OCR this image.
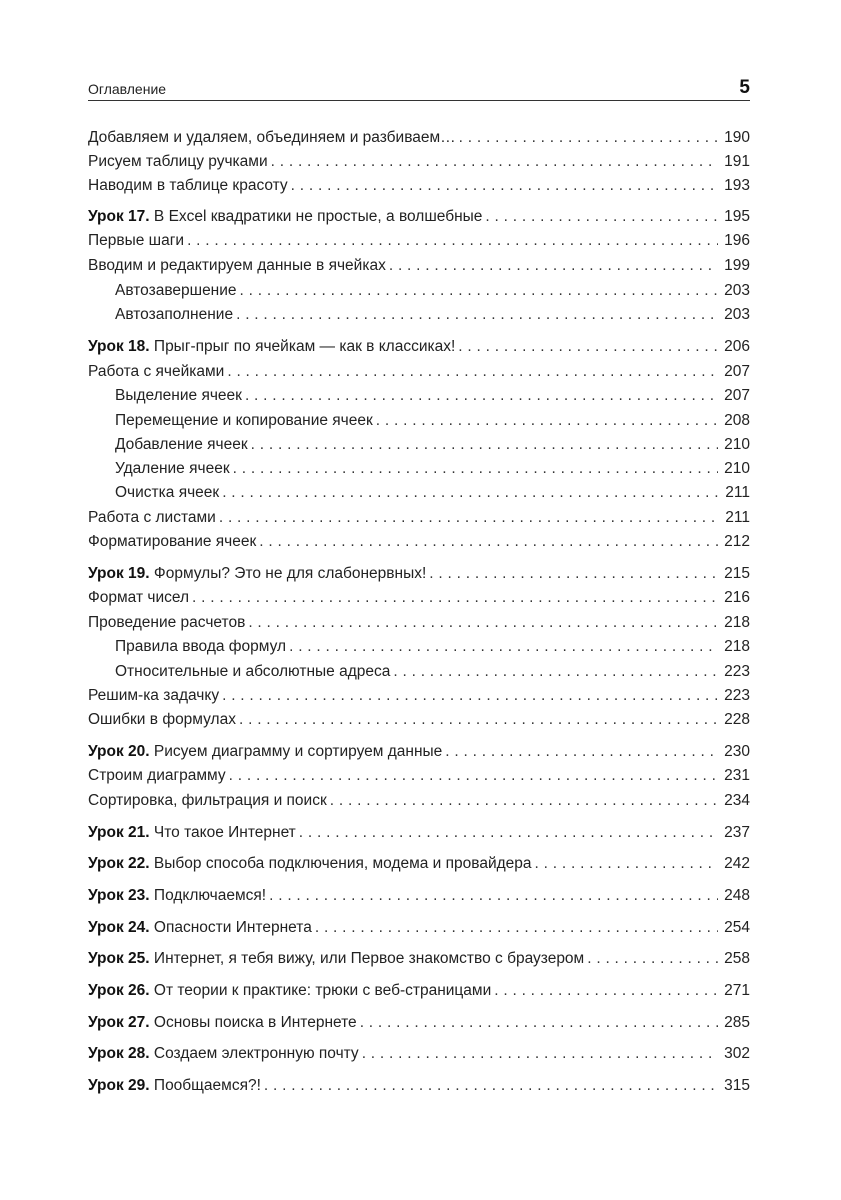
Оглавление	5
Добавляем и удаляем, объединяем и разбиваем… . . .	190
Рисуем таблицу ручками . . .	191
Наводим в таблице красоту . . .	193
Урок 17. В Excel квадратики не простые, а волшебные . . .	195
Первые шаги . . .	196
Вводим и редактируем данные в ячейках . . .	199
Автозавершение . . .	203
Автозаполнение . . .	203
Урок 18. Прыг-прыг по ячейкам — как в классиках! . . .	206
Работа с ячейками . . .	207
Выделение ячеек . . .	207
Перемещение и копирование ячеек . . .	208
Добавление ячеек . . .	210
Удаление ячеек . . .	210
Очистка ячеек . . .	211
Работа с листами . . .	211
Форматирование ячеек . . .	212
Урок 19. Формулы? Это не для слабонервных! . . .	215
Формат чисел . . .	216
Проведение расчетов . . .	218
Правила ввода формул . . .	218
Относительные и абсолютные адреса . . .	223
Решим-ка задачку . . .	223
Ошибки в формулах . . .	228
Урок 20. Рисуем диаграмму и сортируем данные . . .	230
Строим диаграмму . . .	231
Сортировка, фильтрация и поиск . . .	234
Урок 21. Что такое Интернет . . .	237
Урок 22. Выбор способа подключения, модема и провайдера . . .	242
Урок 23. Подключаемся! . . .	248
Урок 24. Опасности Интернета . . .	254
Урок 25. Интернет, я тебя вижу, или Первое знакомство с браузером . . .	258
Урок 26. От теории к практике: трюки с веб-страницами . . .	271
Урок 27. Основы поиска в Интернете . . .	285
Урок 28. Создаем электронную почту . . .	302
Урок 29. Пообщаемся?! . . .	315
